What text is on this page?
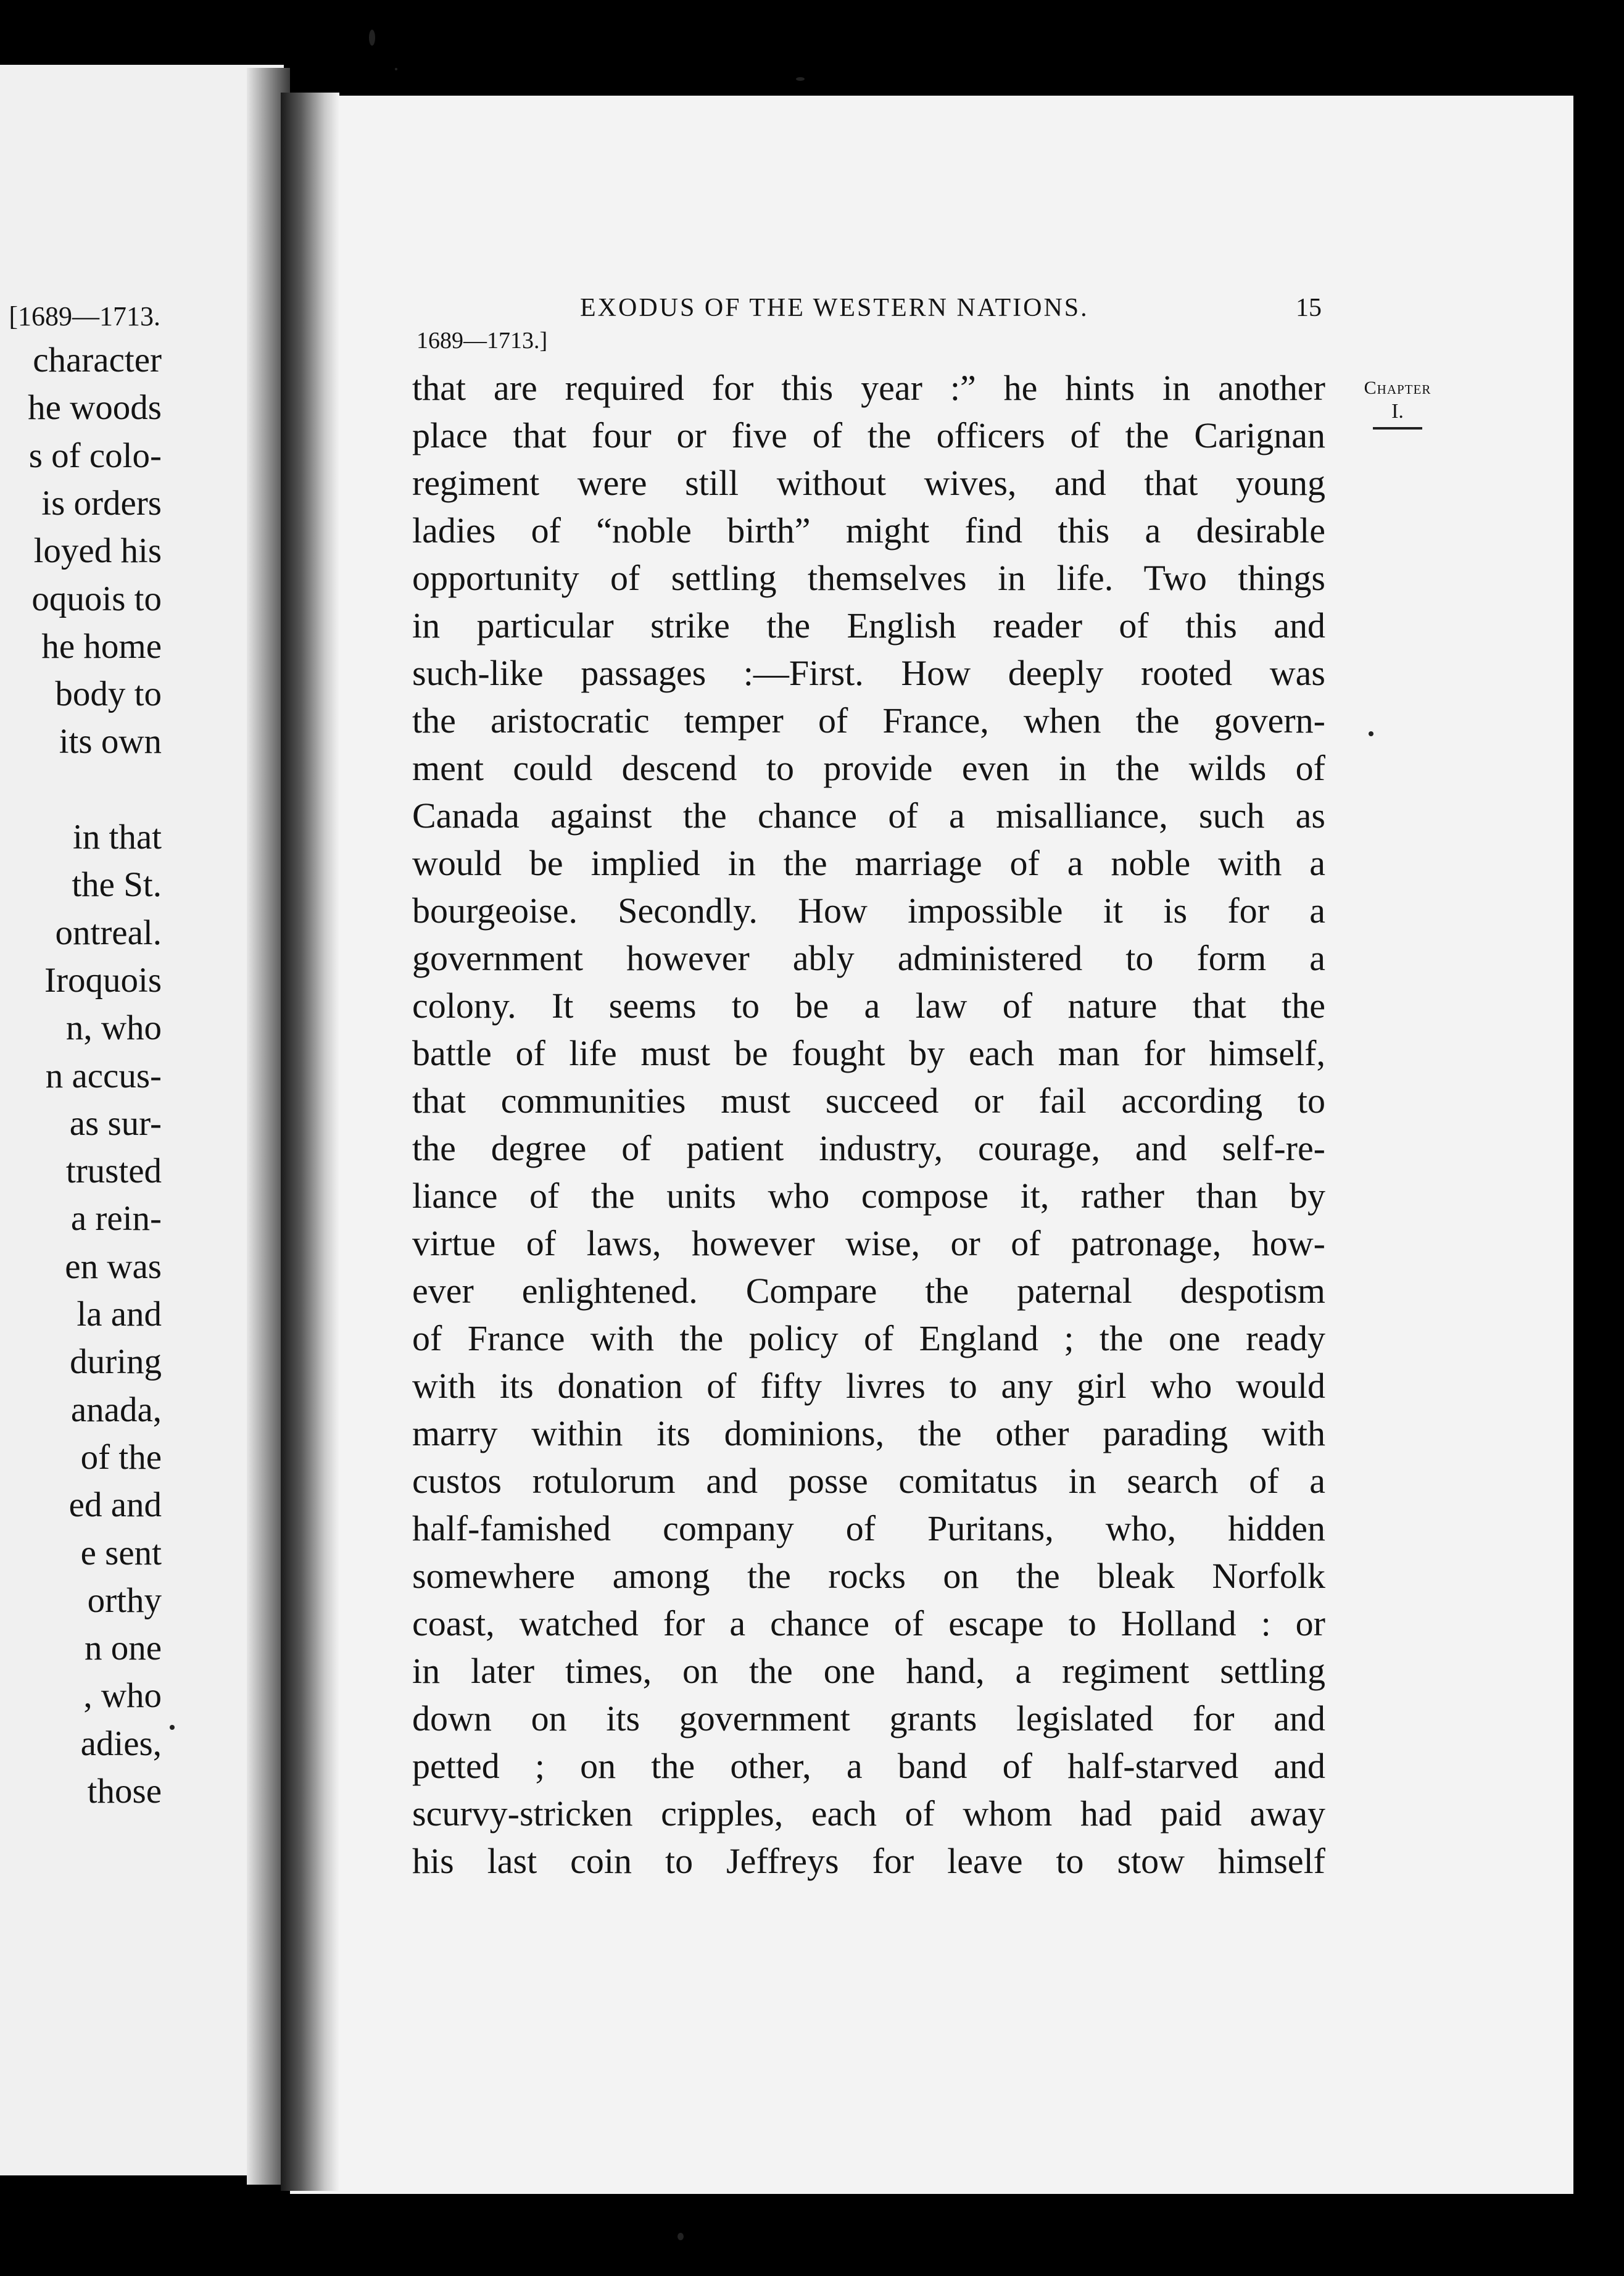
[1689—1713.
character
he woods
s of colo-
is orders
loyed his
oquois to
he home
body to
its own
in that
the St.
ontreal.
Iroquois
n, who
n accus-
as sur-
trusted
a rein-
en was
la and
during
anada,
of the
ed and
e sent
orthy
n one
, who
adies,
those
EXODUS OF THE WESTERN NATIONS.	15
1689—1713.]
that are required for this year :” he hints in another
place that four or five of the officers of the Carignan
regiment were still without wives, and that young
ladies of “noble birth” might find this a desirable
opportunity of settling themselves in life. Two things
in particular strike the English reader of this and
such-like passages :—First. How deeply rooted was
the aristocratic temper of France, when the govern-
ment could descend to provide even in the wilds of
Canada against the chance of a misalliance, such as
would be implied in the marriage of a noble with a
bourgeoise. Secondly. How impossible it is for a
government however ably administered to form a
colony. It seems to be a law of nature that the
battle of life must be fought by each man for himself,
that communities must succeed or fail according to
the degree of patient industry, courage, and self-re-
liance of the units who compose it, rather than by
virtue of laws, however wise, or of patronage, how-
ever enlightened. Compare the paternal despotism
of France with the policy of England ; the one ready
with its donation of fifty livres to any girl who would
marry within its dominions, the other parading with
custos rotulorum and posse comitatus in search of a
half-famished company of Puritans, who, hidden
somewhere among the rocks on the bleak Norfolk
coast, watched for a chance of escape to Holland : or
in later times, on the one hand, a regiment settling
down on its government grants legislated for and
petted ; on the other, a band of half-starved and
scurvy-stricken cripples, each of whom had paid away
his last coin to Jeffreys for leave to stow himself
Chapter
I.
